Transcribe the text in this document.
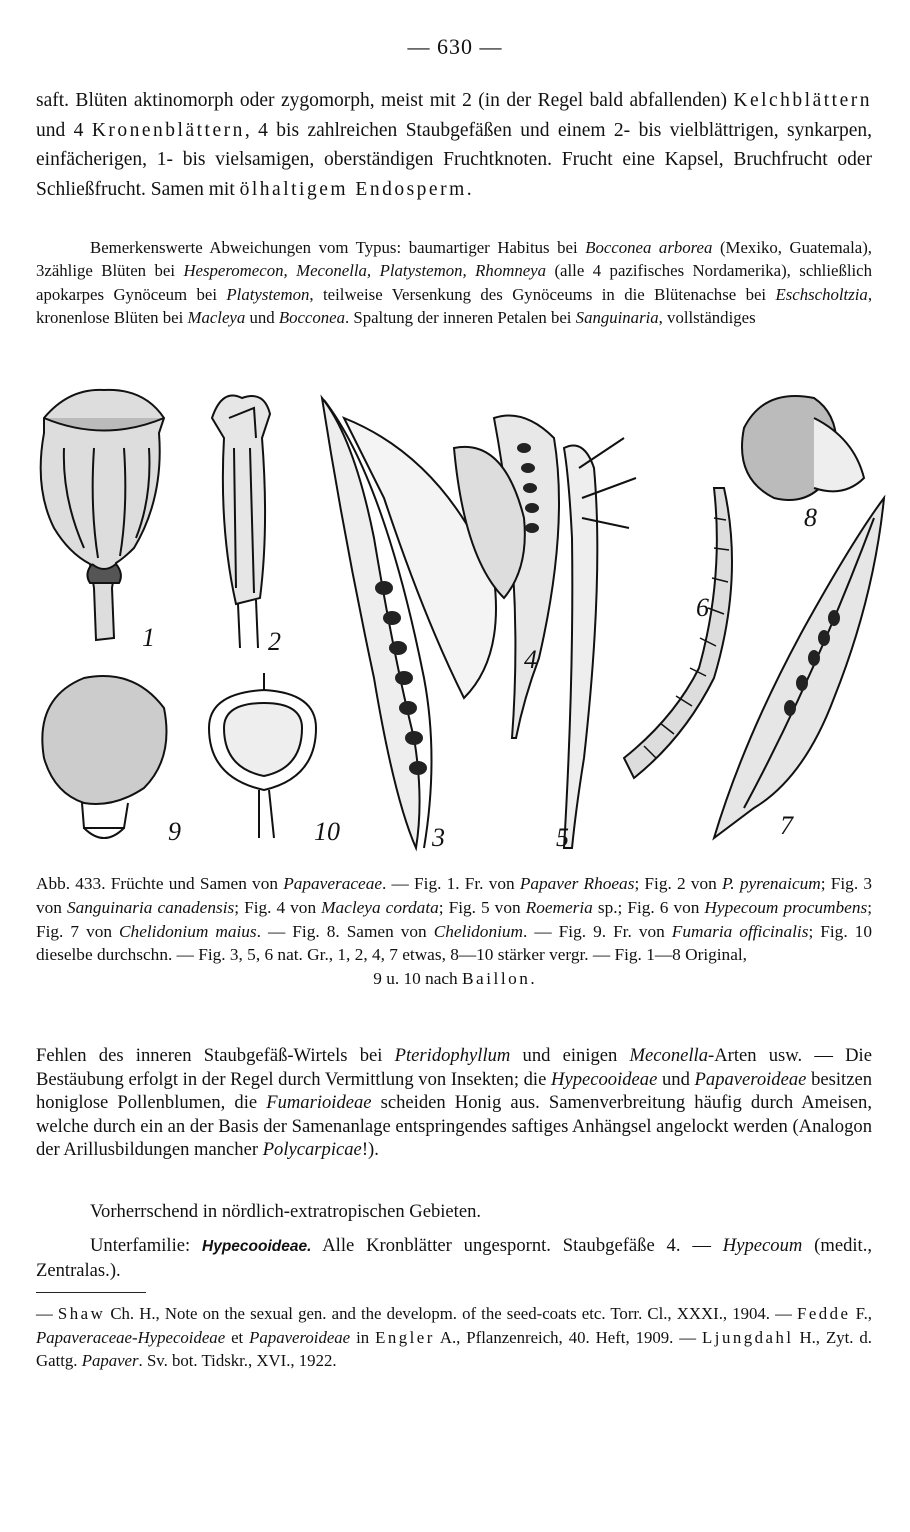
— 630 —
saft. Blüten aktinomorph oder zygomorph, meist mit 2 (in der Regel bald abfallenden) Kelchblättern und 4 Kronenblättern, 4 bis zahlreichen Staubgefäßen und einem 2- bis vielblättrigen, synkarpen, einfächerigen, 1- bis vielsamigen, oberständigen Fruchtknoten. Frucht eine Kapsel, Bruchfrucht oder Schließfrucht. Samen mit ölhaltigem Endosperm.
Bemerkenswerte Abweichungen vom Typus: baumartiger Habitus bei Bocconea arborea (Mexiko, Guatemala), 3zählige Blüten bei Hesperomecon, Meconella, Platystemon, Rhomneya (alle 4 pazifisches Nordamerika), schließlich apokarpes Gynöceum bei Platystemon, teilweise Versenkung des Gynöceums in die Blütenachse bei Eschscholtzia, kronenlose Blüten bei Macleya und Bocconea. Spaltung der inneren Petalen bei Sanguinaria, vollständiges
1	2
3
4
5
6
7
8
9	10
Abb. 433. Früchte und Samen von Papaveraceae. — Fig. 1. Fr. von Papaver Rhoeas; Fig. 2 von P. pyrenaicum; Fig. 3 von Sanguinaria canadensis; Fig. 4 von Macleya cordata; Fig. 5 von Roemeria sp.; Fig. 6 von Hypecoum procumbens; Fig. 7 von Chelidonium maius. — Fig. 8. Samen von Chelidonium. — Fig. 9. Fr. von Fumaria officinalis; Fig. 10 dieselbe durchschn. — Fig. 3, 5, 6 nat. Gr., 1, 2, 4, 7 etwas, 8—10 stärker vergr. — Fig. 1—8 Original,
9 u. 10 nach Baillon.
Fehlen des inneren Staubgefäß-Wirtels bei Pteridophyllum und einigen Meconella-Arten usw. — Die Bestäubung erfolgt in der Regel durch Vermittlung von Insekten; die Hypecooideae und Papaveroideae besitzen honiglose Pollenblumen, die Fumarioideae scheiden Honig aus. Samenverbreitung häufig durch Ameisen, welche durch ein an der Basis der Samenanlage entspringendes saftiges Anhängsel angelockt werden (Analogon der Arillusbildungen mancher Polycarpicae!).
Vorherrschend in nördlich-extratropischen Gebieten.
Unterfamilie: Hypecooideae. Alle Kronblätter ungespornt. Staubgefäße 4. — Hypecoum (medit., Zentralas.).
— Shaw Ch. H., Note on the sexual gen. and the developm. of the seed-coats etc. Torr. Cl., XXXI., 1904. — Fedde F., Papaveraceae-Hypecoideae et Papaveroideae in Engler A., Pflanzenreich, 40. Heft, 1909. — Ljungdahl H., Zyt. d. Gattg. Papaver. Sv. bot. Tidskr., XVI., 1922.
